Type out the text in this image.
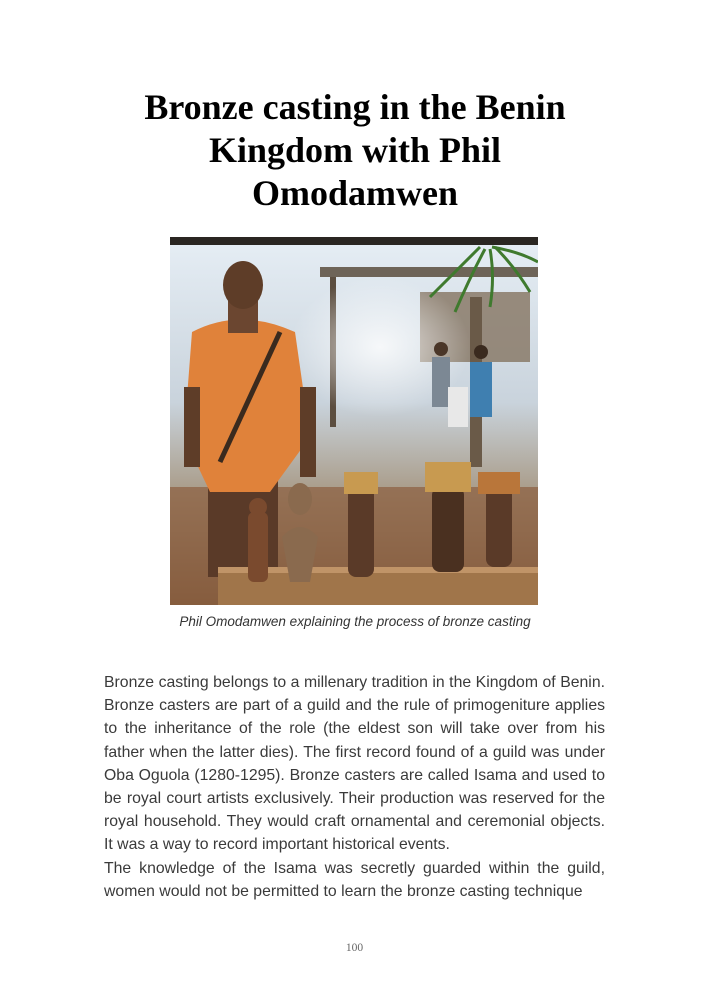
Bronze casting in the Benin Kingdom with Phil Omodamwen

Phil Omodamwen explaining the process of bronze casting

Bronze casting belongs to a millenary tradition in the Kingdom of Benin. Bronze casters are part of a guild and the rule of primogeniture applies to the inheritance of the role (the eldest son will take over from his father when the latter dies). The first record found of a guild was under Oba Oguola (1280-1295). Bronze casters are called Isama and used to be royal court artists exclusively. Their production was reserved for the royal household. They would craft ornamental and ceremonial objects. It was a way to record important historical events.

The knowledge of the Isama was secretly guarded within the guild, women would not be permitted to learn the bronze casting technique

100
